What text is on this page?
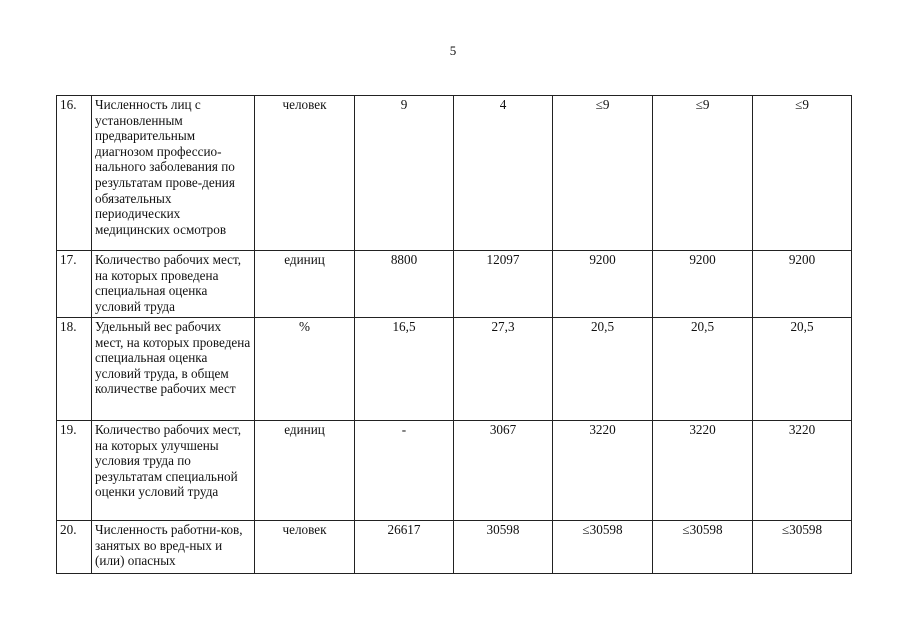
5
16.	Численность лиц с установленным предварительным диагнозом профессио-нального заболевания по результатам прове-дения обязательных периодических медицинских осмотров	человек	9	4	≤9	≤9	≤9
17.	Количество рабочих мест, на которых проведена специальная оценка условий труда	единиц	8800	12097	9200	9200	9200
18.	Удельный вес рабочих мест, на которых проведена специальная оценка условий труда, в общем количестве рабочих мест	%	16,5	27,3	20,5	20,5	20,5
19.	Количество рабочих мест, на которых улучшены условия труда по результатам специальной оценки условий труда	единиц	-	3067	3220	3220	3220
20.	Численность работни-ков, занятых во вред-ных и (или) опасных	человек	26617	30598	≤30598	≤30598	≤30598
